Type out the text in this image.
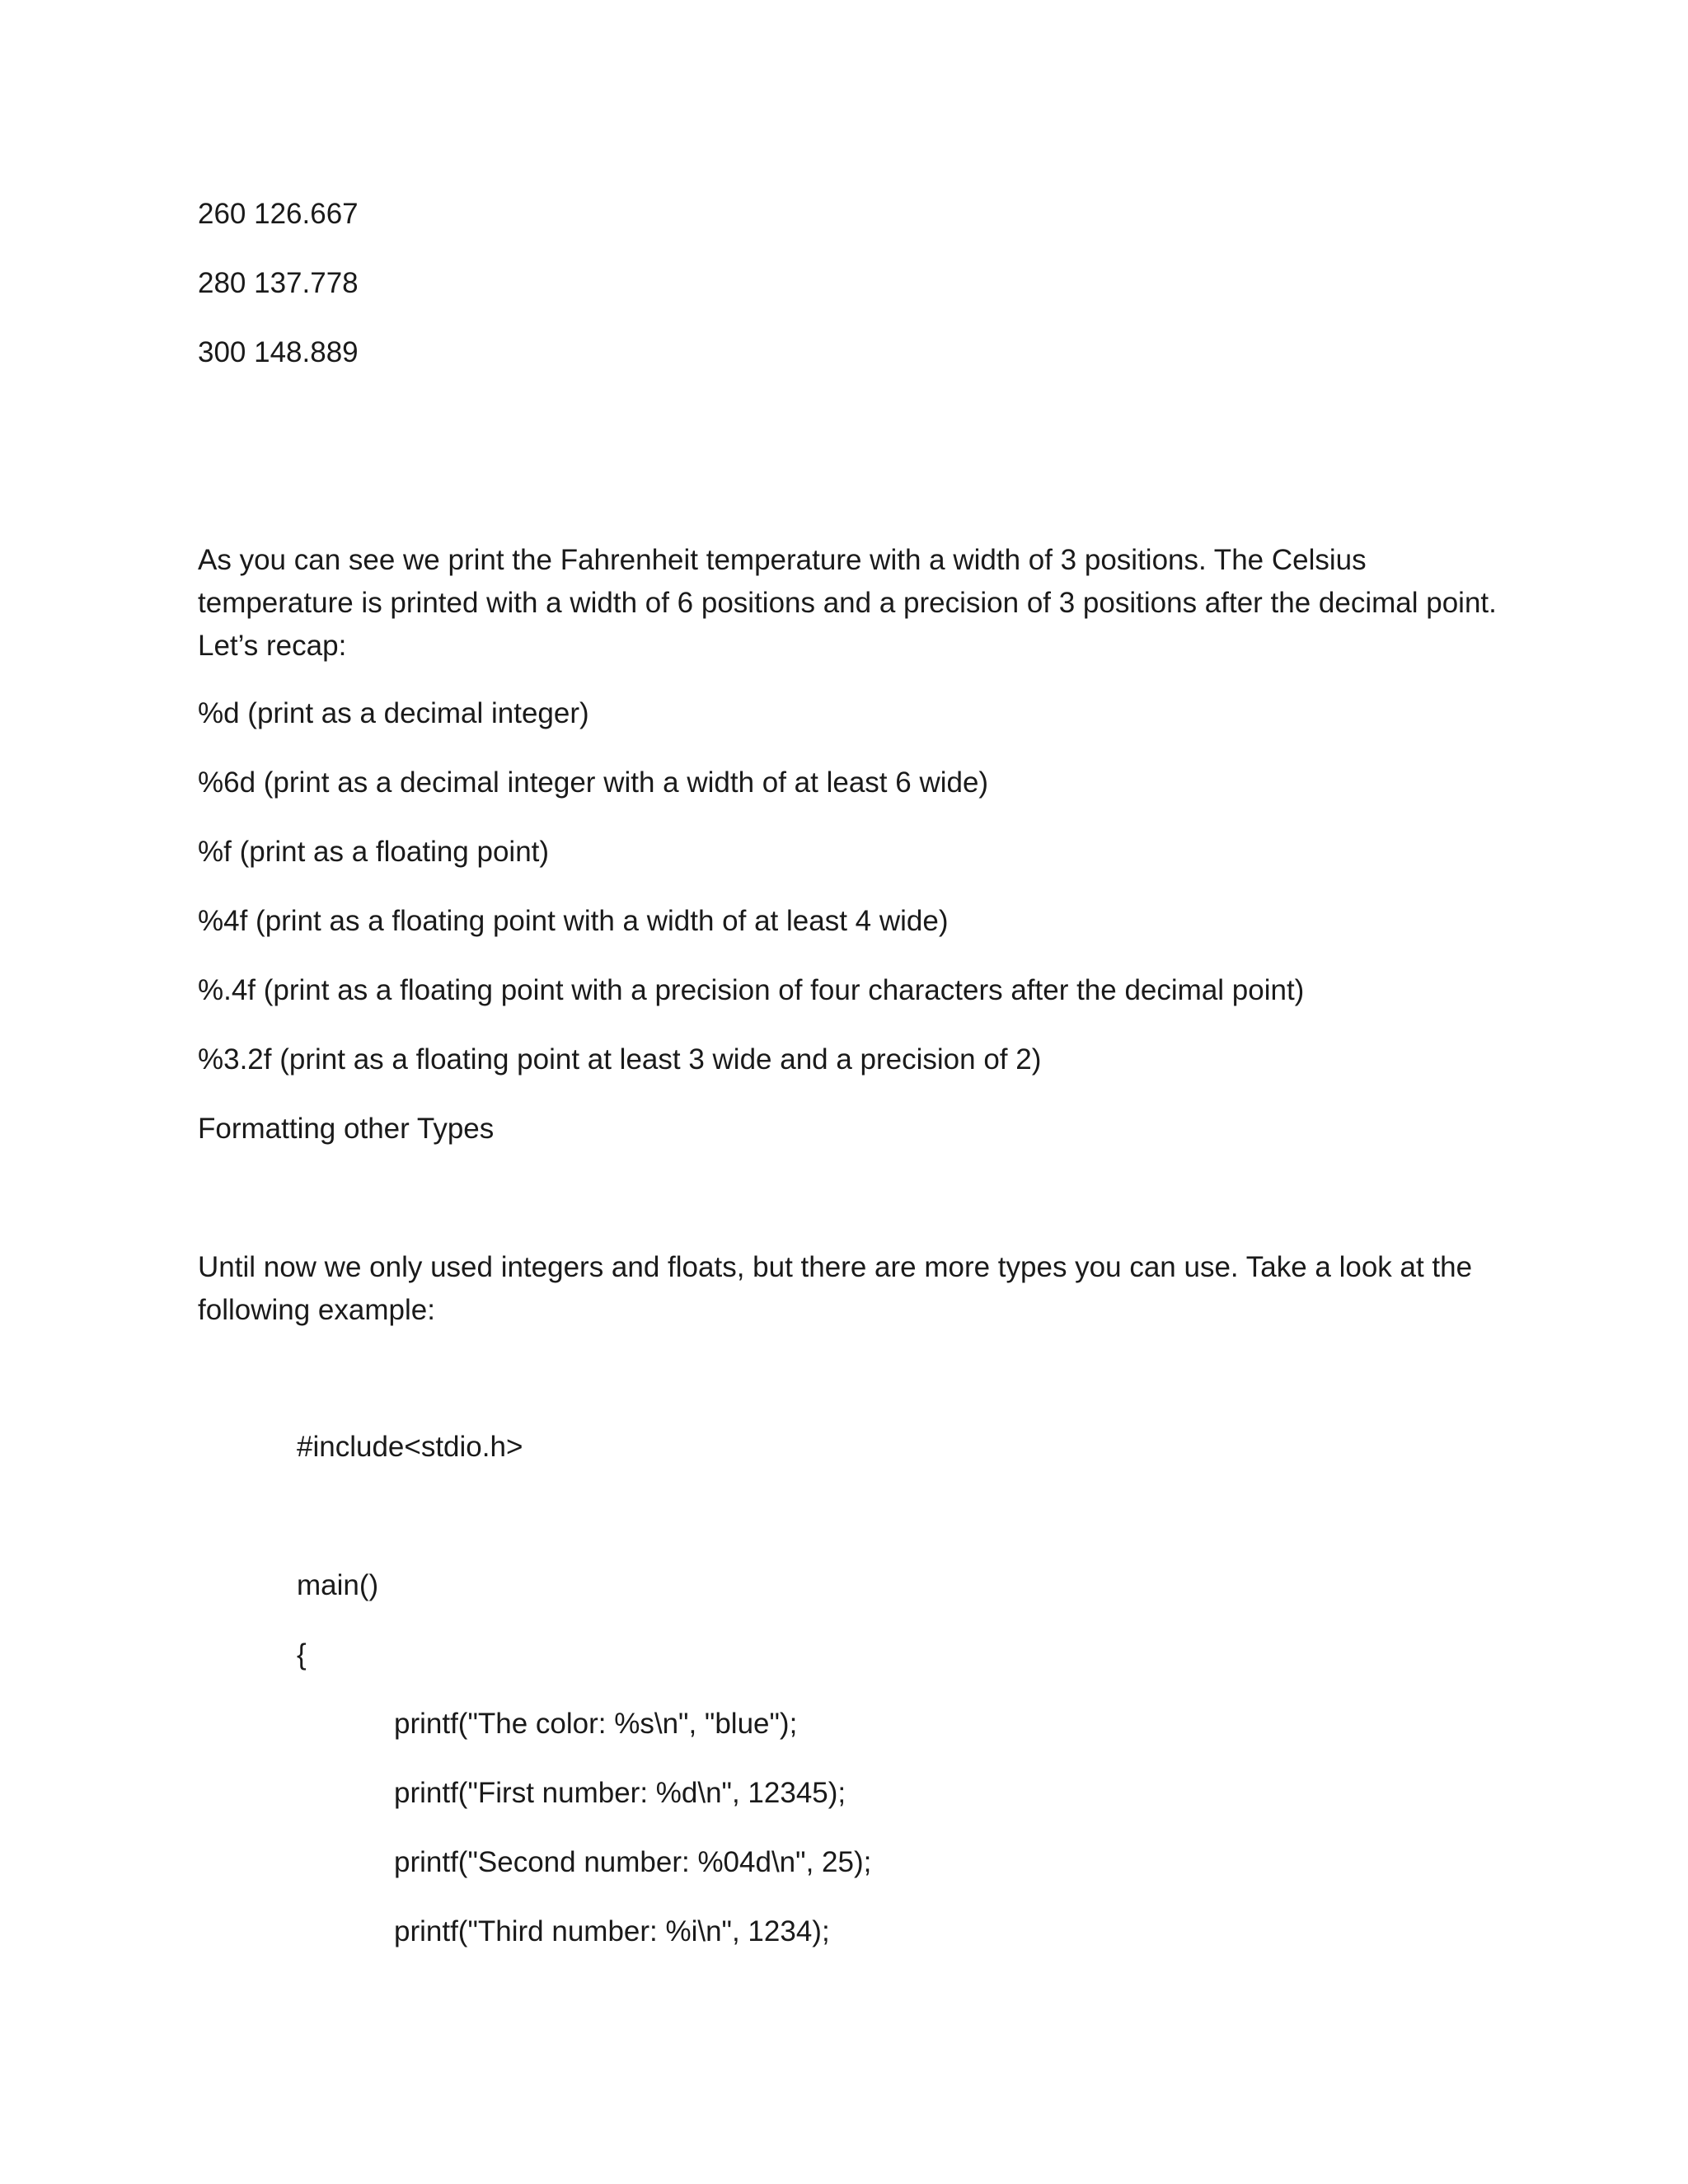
260 126.667

280 137.778

300 148.889

As you can see we print the Fahrenheit temperature with a width of 3 positions. The Celsius temperature is printed with a width of 6 positions and a precision of 3 positions after the decimal point. Let’s recap:

%d (print as a decimal integer)

%6d (print as a decimal integer with a width of at least 6 wide)

%f (print as a floating point)

%4f (print as a floating point with a width of at least 4 wide)

%.4f (print as a floating point with a precision of four characters after the decimal point)

%3.2f (print as a floating point at least 3 wide and a precision of 2)

Formatting other Types

Until now we only used integers and floats, but there are more types you can use. Take a look at the following example:

#include<stdio.h>

main()

{

printf("The color: %s\n", "blue");

printf("First number: %d\n", 12345);

printf("Second number: %04d\n", 25);

printf("Third number: %i\n", 1234);
